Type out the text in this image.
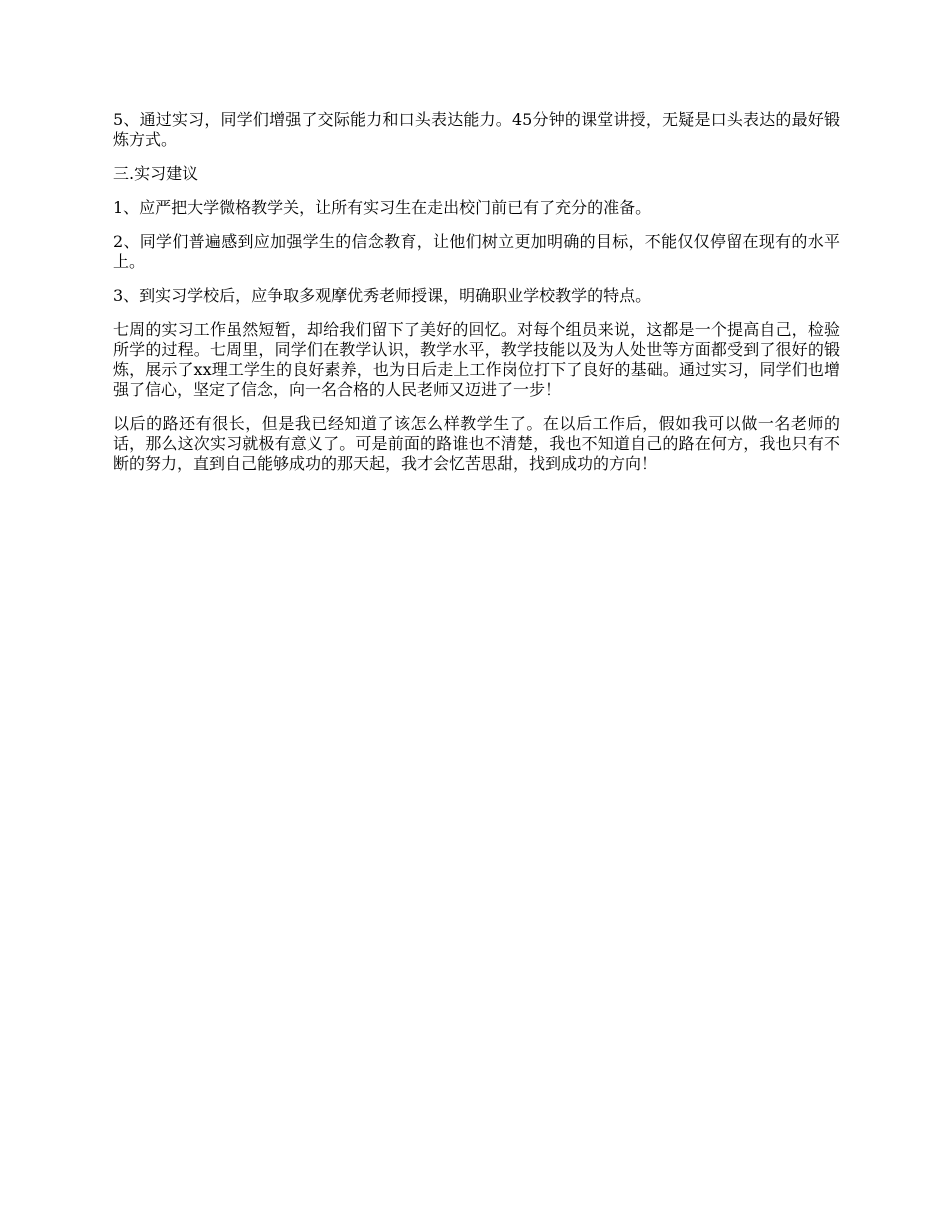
5、通过实习，同学们增强了交际能力和口头表达能力。45分钟的课堂讲授，无疑是口头表达的最好锻炼方式。

三.实习建议

1、应严把大学微格教学关，让所有实习生在走出校门前已有了充分的准备。

2、同学们普遍感到应加强学生的信念教育，让他们树立更加明确的目标，不能仅仅停留在现有的水平上。

3、到实习学校后，应争取多观摩优秀老师授课，明确职业学校教学的特点。

七周的实习工作虽然短暂，却给我们留下了美好的回忆。对每个组员来说，这都是一个提高自己，检验所学的过程。七周里，同学们在教学认识，教学水平，教学技能以及为人处世等方面都受到了很好的锻炼，展示了xx理工学生的良好素养，也为日后走上工作岗位打下了良好的基础。通过实习，同学们也增强了信心，坚定了信念，向一名合格的人民老师又迈进了一步！

以后的路还有很长，但是我已经知道了该怎么样教学生了。在以后工作后，假如我可以做一名老师的话，那么这次实习就极有意义了。可是前面的路谁也不清楚，我也不知道自己的路在何方，我也只有不断的努力，直到自己能够成功的那天起，我才会忆苦思甜，找到成功的方向！
